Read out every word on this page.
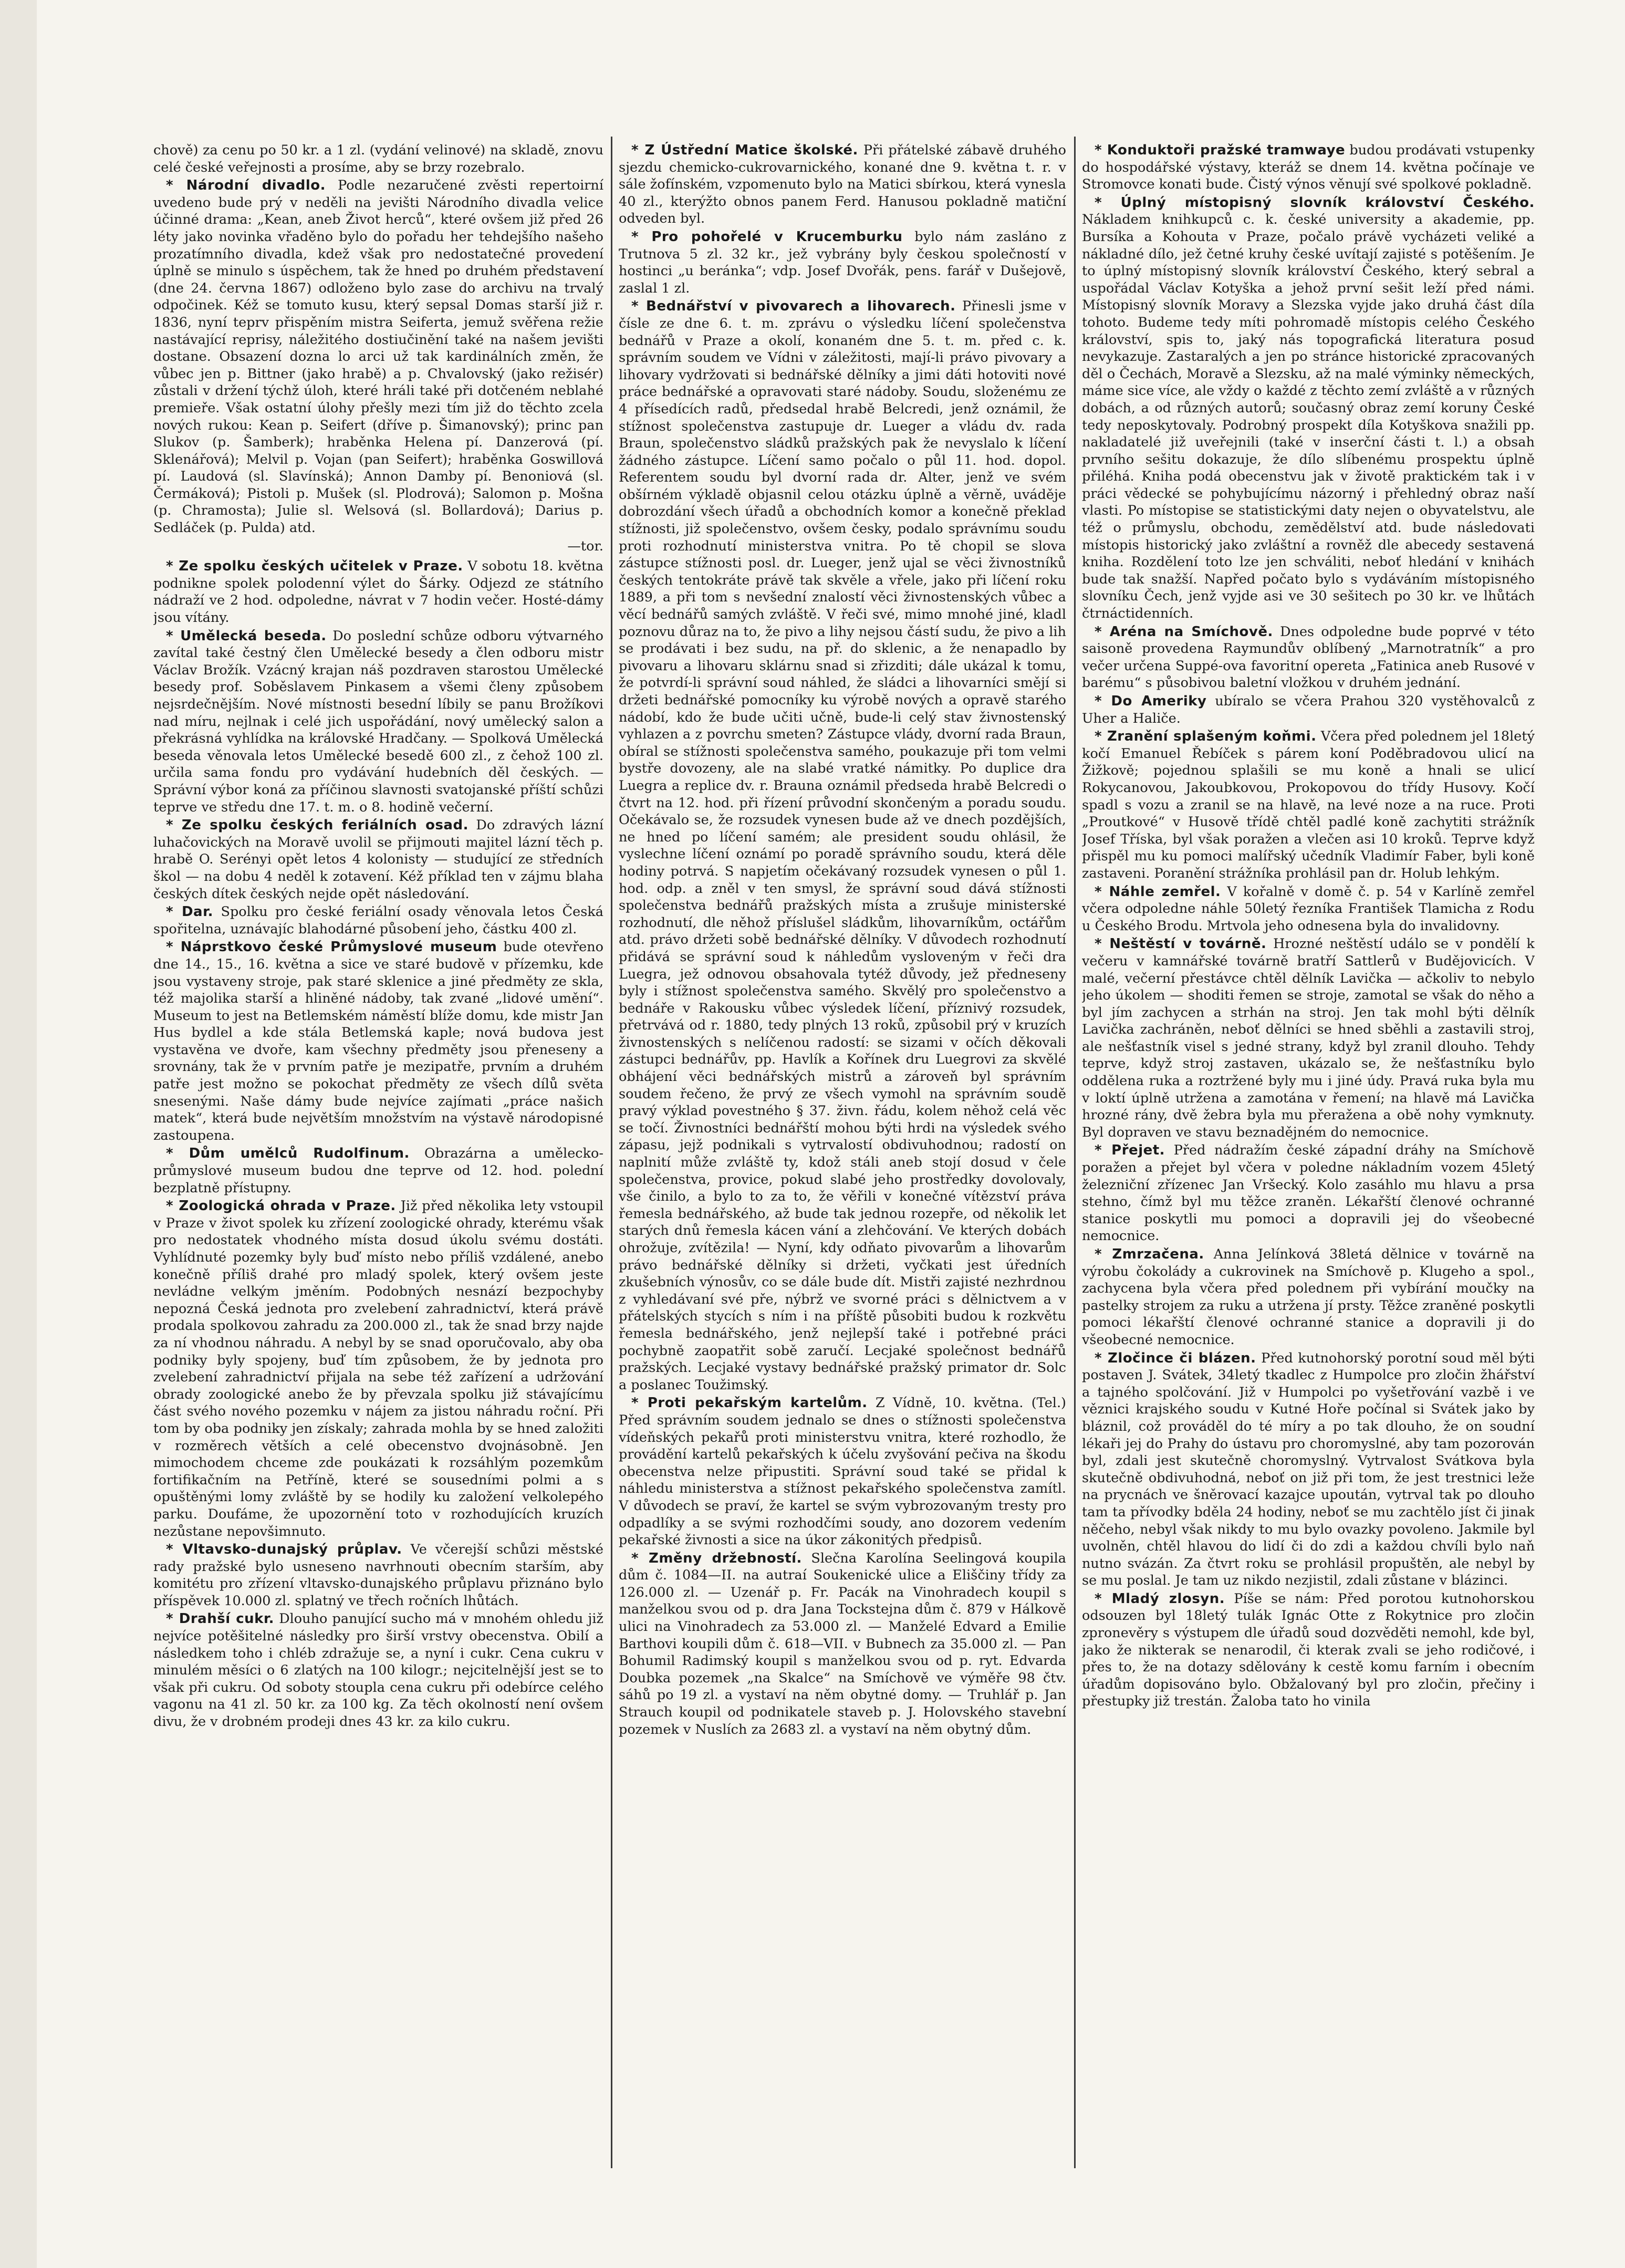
chově) za cenu po 50 kr. a 1 zl. (vydání velinové) na skladě, znovu celé české veřejnosti a prosíme, aby se brzy rozebralo.

* Národní divadlo. Podle nezaručené zvěsti repertoirní uvedeno bude prý v neděli na jevišti Národního divadla velice účinné drama: „Kean, aneb Život herců“, které ovšem již před 26 léty jako novinka vřaděno bylo do pořadu her tehdejšího našeho prozatímního divadla, kdež však pro nedostatečné provedení úplně se minulo s úspěchem, tak že hned po druhém představení (dne 24. června 1867) odloženo bylo zase do archivu na trvalý odpočinek. Kéž se tomuto kusu, který sepsal Domas starší již r. 1836, nyní teprv přispěním mistra Seiferta, jemuž svěřena režie nastávající reprisy, náležitého dostiučinění také na našem jevišti dostane. Obsazení dozna lo arci už tak kardinálních změn, že vůbec jen p. Bittner (jako hrabě) a p. Chvalovský (jako režisér) zůstali v držení týchž úloh, které hráli také při dotčeném neblahé premieře. Však ostatní úlohy přešly mezi tím již do těchto zcela nových rukou: Kean p. Seifert (dříve p. Šimanovský); princ pan Slukov (p. Šamberk); hraběnka Helena pí. Danzerová (pí. Sklenářová); Melvil p. Vojan (pan Seifert); hraběnka Goswillová pí. Laudová (sl. Slavínská); Annon Damby pí. Benoniová (sl. Čermáková); Pistoli p. Mušek (sl. Plodrová); Salomon p. Mošna (p. Chramosta); Julie sl. Welsová (sl. Bollardová); Darius p. Sedláček (p. Pulda) atd.

—tor.

* Ze spolku českých učitelek v Praze. V sobotu 18. května podnikne spolek polodenní výlet do Šárky. Odjezd ze státního nádraží ve 2 hod. odpoledne, návrat v 7 hodin večer. Hosté-dámy jsou vítány.

* Umělecká beseda. Do poslední schůze odboru výtvarného zavítal také čestný člen Umělecké besedy a člen odboru mistr Václav Brožík. Vzácný krajan náš pozdraven starostou Umělecké besedy prof. Soběslavem Pinkasem a všemi členy způsobem nejsrdečnějším. Nové místnosti besední líbily se panu Brožíkovi nad míru, nejlnak i celé jich uspořádání, nový umělecký salon a překrásná vyhlídka na královské Hradčany. — Spolková Umělecká beseda věnovala letos Umělecké besedě 600 zl., z čehož 100 zl. určila sama fondu pro vydávání hudebních děl českých. — Správní výbor koná za příčinou slavnosti svatojanské příští schůzi teprve ve středu dne 17. t. m. o 8. hodině večerní.

* Ze spolku českých feriálních osad. Do zdravých lázní luhačovických na Moravě uvolil se přijmouti majitel lázní těch p. hrabě O. Serényi opět letos 4 kolonisty — studující ze středních škol — na dobu 4 neděl k zotavení. Kéž příklad ten v zájmu blaha českých dítek českých nejde opět následování.

* Dar. Spolku pro české feriální osady věnovala letos Česká spořitelna, uznávajíc blahodárné působení jeho, částku 400 zl.

* Náprstkovo české Průmyslové museum bude otevřeno dne 14., 15., 16. května a sice ve staré budově v přízemku, kde jsou vystaveny stroje, pak staré sklenice a jiné předměty ze skla, též majolika starší a hliněné nádoby, tak zvané „lidové umění“. Museum to jest na Betlemském náměstí blíže domu, kde mistr Jan Hus bydlel a kde stála Betlemská kaple; nová budova jest vystavěna ve dvoře, kam všechny předměty jsou přeneseny a srovnány, tak že v prvním patře je mezipatře, prvním a druhém patře jest možno se pokochat předměty ze všech dílů světa snesenými. Naše dámy bude nejvíce zajímati „práce našich matek“, která bude největším množstvím na výstavě národopisné zastoupena.

* Dům umělců Rudolfinum. Obrazárna a umělecko-průmyslové museum budou dne teprve od 12. hod. polední bezplatně přístupny.

* Zoologická ohrada v Praze. Již před několika lety vstoupil v Praze v život spolek ku zřízení zoologické ohrady, kterému však pro nedostatek vhodného místa dosud úkolu svému dostáti. Vyhlídnuté pozemky byly buď místo nebo příliš vzdálené, anebo konečně příliš drahé pro mladý spolek, který ovšem jeste nevládne velkým jměním. Podobných nesnází bezpochyby nepozná Česká jednota pro zvelebení zahradnictví, která právě prodala spolkovou zahradu za 200.000 zl., tak že snad brzy najde za ní vhodnou náhradu. A nebyl by se snad oporučovalo, aby oba podniky byly spojeny, buď tím způsobem, že by jednota pro zvelebení zahradnictví přijala na sebe též zařízení a udržování obrady zoologické anebo že by převzala spolku již stávajícímu část svého nového pozemku v nájem za jistou náhradu roční. Při tom by oba podniky jen získaly; zahrada mohla by se hned založiti v rozměrech větších a celé obecenstvo dvojnásobně. Jen mimochodem chceme zde poukázati k rozsáhlým pozemkům fortifikačním na Petříně, které se sousedními polmi a s opuštěnými lomy zvláště by se hodily ku založení velkolepého parku. Doufáme, že upozornění toto v rozhodujících kruzích nezůstane nepovšimnuto.

* Vltavsko-dunajský průplav. Ve včerejší schůzi městské rady pražské bylo usneseno navrhnouti obecním starším, aby komitétu pro zřízení vltavsko-dunajského průplavu přiznáno bylo příspěvek 10.000 zl. splatný ve třech ročních lhůtách.

* Drahší cukr. Dlouho panující sucho má v mnohém ohledu již nejvíce potěšitelné následky pro širší vrstvy obecenstva. Obilí a následkem toho i chléb zdražuje se, a nyní i cukr. Cena cukru v minulém měsíci o 6 zlatých na 100 kilogr.; nejcitelnější jest se to však při cukru. Od soboty stoupla cena cukru při odebírce celého vagonu na 41 zl. 50 kr. za 100 kg. Za těch okolností není ovšem divu, že v drobném prodeji dnes 43 kr. za kilo cukru.

* Z Ústřední Matice školské. Při přátelské zábavě druhého sjezdu chemicko-cukrovarnického, konané dne 9. května t. r. v sále žofínském, vzpomenuto bylo na Matici sbírkou, která vynesla 40 zl., kterýžto obnos panem Ferd. Hanusou pokladně matiční odveden byl.

* Pro pohořelé v Krucemburku bylo nám zasláno z Trutnova 5 zl. 32 kr., jež vybrány byly českou společností v hostinci „u beránka“; vdp. Josef Dvořák, pens. farář v Dušejově, zaslal 1 zl.

* Bednářství v pivovarech a lihovarech. Přinesli jsme v čísle ze dne 6. t. m. zprávu o výsledku líčení společenstva bednářů v Praze a okolí, konaném dne 5. t. m. před c. k. správním soudem ve Vídni v záležitosti, mají-li právo pivovary a lihovary vydržovati si bednářské dělníky a jimi dáti hotoviti nové práce bednářské a opravovati staré nádoby. Soudu, složenému ze 4 přísedících radů, předsedal hrabě Belcredi, jenž oznámil, že stížnost společenstva zastupuje dr. Lueger a vládu dv. rada Braun, společenstvo sládků pražských pak že nevyslalo k líčení žádného zástupce. Líčení samo počalo o půl 11. hod. dopol. Referentem soudu byl dvorní rada dr. Alter, jenž ve svém obšírném výkladě objasnil celou otázku úplně a věrně, uváděje dobrozdání všech úřadů a obchodních komor a konečně překlad stížnosti, již společenstvo, ovšem česky, podalo správnímu soudu proti rozhodnutí ministerstva vnitra. Po tě chopil se slova zástupce stížnosti posl. dr. Lueger, jenž ujal se věci živnostníků českých tentokráte právě tak skvěle a vřele, jako při líčení roku 1889, a při tom s nevšední znalostí věci živnostenských vůbec a věcí bednářů samých zvláště. V řeči své, mimo mnohé jiné, kladl poznovu důraz na to, že pivo a lihy nejsou částí sudu, že pivo a lih se prodávati i bez sudu, na př. do sklenic, a že nenapadlo by pivovaru a lihovaru sklárnu snad si zřizditi; dále ukázal k tomu, že potvrdí-li správní soud náhled, že sládci a lihovarníci smějí si držeti bednářské pomocníky ku výrobě nových a opravě starého nádobí, kdo že bude učiti učně, bude-li celý stav živnostenský vyhlazen a z povrchu smeten? Zástupce vlády, dvorní rada Braun, obíral se stížnosti společenstva samého, poukazuje při tom velmi bystře dovozeny, ale na slabé vratké námitky. Po duplice dra Luegra a replice dv. r. Brauna oznámil předseda hrabě Belcredi o čtvrt na 12. hod. při řízení průvodní skončeným a poradu soudu. Očekávalo se, že rozsudek vynesen bude až ve dnech pozdějších, ne hned po líčení samém; ale president soudu ohlásil, že vyslechne líčení oznámí po poradě správního soudu, která děle hodiny potrvá. S napjetím očekávaný rozsudek vynesen o půl 1. hod. odp. a zněl v ten smysl, že správní soud dává stížnosti společenstva bednářů pražských místa a zrušuje ministerské rozhodnutí, dle něhož příslušel sládkům, lihovarníkům, octářům atd. právo držeti sobě bednářské dělníky. V důvodech rozhodnutí přidává se správní soud k náhledům vysloveným v řeči dra Luegra, jež odnovou obsahovala tytéž důvody, jež předneseny byly i stížnost společenstva samého. Skvělý pro společenstvo a bednáře v Rakousku vůbec výsledek líčení, příznivý rozsudek, přetrvává od r. 1880, tedy plných 13 roků, způsobil prý v kruzích živnostenských s nelíčenou radostí: se sizami v očích děkovali zástupci bednářův, pp. Havlík a Kořínek dru Luegrovi za skvělé obhájení věci bednářských mistrů a zároveň byl správním soudem řečeno, že prvý ze všech vymohl na správním soudě pravý výklad povestného § 37. živn. řádu, kolem něhož celá věc se točí. Živnostníci bednářští mohou býti hrdi na výsledek svého zápasu, jejž podnikali s vytrvalostí obdivuhodnou; radostí on naplnití může zvláště ty, kdož stáli aneb stojí dosud v čele společenstva, provice, pokud slabé jeho prostředky dovolovaly, vše činilo, a bylo to za to, že věřili v konečné vítězství práva řemesla bednářského, až bude tak jednou rozepře, od několik let starých dnů řemesla kácen vání a zlehčování. Ve kterých dobách ohrožuje, zvítězila! — Nyní, kdy odňato pivovarům a lihovarům právo bednářské dělníky si držeti, vyčkati jest úředních zkušebních výnosův, co se dále bude dít. Mistři zajisté nezhrdnou z vyhledávaní své pře, nýbrž ve svorné práci s dělnictvem a v přátelských stycích s ním i na příště působiti budou k rozkvětu řemesla bednářského, jenž nejlepší také i potřebné práci pochybně zaopatřit sobě zaručí. Lecjaké společnost bednářů pražských. Lecjaké vystavy bednářské pražský primator dr. Solc a poslanec Toužimský.

* Proti pekařským kartelům. Z Vídně, 10. května. (Tel.) Před správním soudem jednalo se dnes o stížnosti společenstva vídeňských pekařů proti ministerstvu vnitra, které rozhodlo, že provádění kartelů pekařských k účelu zvyšování pečiva na škodu obecenstva nelze připustiti. Správní soud také se přidal k náhledu ministerstva a stížnost pekařského společenstva zamítl. V důvodech se praví, že kartel se svým vybrozovaným tresty pro odpadlíky a se svými rozhodčími soudy, ano dozorem vedením pekařské živnosti a sice na úkor zákonitých předpisů.

* Změny držebností. Slečna Karolína Seelingová koupila dům č. 1084—II. na autraí Soukenické ulice a Eliščiny třídy za 126.000 zl. — Uzenář p. Fr. Pacák na Vinohradech koupil s manželkou svou od p. dra Jana Tockstejna dům č. 879 v Hálkově ulici na Vinohradech za 53.000 zl. — Manželé Edvard a Emilie Barthovi koupili dům č. 618—VII. v Bubnech za 35.000 zl. — Pan Bohumil Radimský koupil s manželkou svou od p. ryt. Edvarda Doubka pozemek „na Skalce“ na Smíchově ve výměře 98 čtv. sáhů po 19 zl. a vystaví na něm obytné domy. — Truhlář p. Jan Strauch koupil od podnikatele staveb p. J. Holovského stavební pozemek v Nuslích za 2683 zl. a vystaví na něm obytný dům.

* Konduktoři pražské tramwaye budou prodávati vstupenky do hospodářské výstavy, kteráž se dnem 14. května počínaje ve Stromovce konati bude. Čistý výnos věnují své spolkové pokladně.

* Úplný místopisný slovník království Českého. Nákladem knihkupců c. k. české university a akademie, pp. Bursíka a Kohouta v Praze, počalo právě vycházeti veliké a nákladné dílo, jež četné kruhy české uvítají zajisté s potěšením. Je to úplný místopisný slovník království Českého, který sebral a uspořádal Václav Kotyška a jehož první sešit leží před námi. Místopisný slovník Moravy a Slezska vyjde jako druhá část díla tohoto. Budeme tedy míti pohromadě místopis celého Českého království, spis to, jaký nás topografická literatura posud nevykazuje. Zastaralých a jen po stránce historické zpracovaných děl o Čechách, Moravě a Slezsku, až na malé výminky německých, máme sice více, ale vždy o každé z těchto zemí zvláště a v různých dobách, a od různých autorů; současný obraz zemí koruny České tedy neposkytovaly. Podrobný prospekt díla Kotyškova snažili pp. nakladatelé již uveřejnili (také v inserční části t. l.) a obsah prvního sešitu dokazuje, že dílo slíbenému prospektu úplně přiléhá. Kniha podá obecenstvu jak v životě praktickém tak i v práci vědecké se pohybujícímu názorný i přehledný obraz naší vlasti. Po místopise se statistickými daty nejen o obyvatelstvu, ale též o průmyslu, obchodu, zemědělství atd. bude následovati místopis historický jako zvláštní a rovněž dle abecedy sestavená kniha. Rozdělení toto lze jen schváliti, neboť hledání v knihách bude tak snažší. Napřed počato bylo s vydáváním místopisného slovníku Čech, jenž vyjde asi ve 30 sešitech po 30 kr. ve lhůtách čtrnáctidenních.

* Aréna na Smíchově. Dnes odpoledne bude poprvé v této saisoně provedena Raymundův oblíbený „Marnotratník“ a pro večer určena Suppé-ova favoritní opereta „Fatinica aneb Rusové v barému“ s působivou baletní vložkou v druhém jednání.

* Do Ameriky ubíralo se včera Prahou 320 vystěhovalců z Uher a Haliče.

* Zranění splašeným koňmi. Včera před polednem jel 18letý kočí Emanuel Řebíček s párem koní Poděbradovou ulicí na Žižkově; pojednou splašili se mu koně a hnali se ulicí Rokycanovou, Jakoubkovou, Prokopovou do třídy Husovy. Kočí spadl s vozu a zranil se na hlavě, na levé noze a na ruce. Proti „Proutkové“ v Husově třídě chtěl padlé koně zachytiti strážník Josef Tříska, byl však poražen a vlečen asi 10 kroků. Teprve když přispěl mu ku pomoci malířský učedník Vladimír Faber, byli koně zastaveni. Poranění strážníka prohlásil pan dr. Holub lehkým.

* Náhle zemřel. V kořalně v domě č. p. 54 v Karlíně zemřel včera odpoledne náhle 50letý řezníka František Tlamicha z Rodu u Českého Brodu. Mrtvola jeho odnesena byla do invalidovny.

* Neštěstí v továrně. Hrozné neštěstí událo se v pondělí k večeru v kamnářské továrně bratří Sattlerů v Budějovicích. V malé, večerní přestávce chtěl dělník Lavička — ačkoliv to nebylo jeho úkolem — shoditi řemen se stroje, zamotal se však do něho a byl jím zachycen a strhán na stroj. Jen tak mohl býti dělník Lavička zachráněn, neboť dělníci se hned sběhli a zastavili stroj, ale nešťastník visel s jedné strany, když byl zranil dlouho. Tehdy teprve, když stroj zastaven, ukázalo se, že nešťastníku bylo oddělena ruka a roztržené byly mu i jiné údy. Pravá ruka byla mu v loktí úplně utržena a zamotána v řemení; na hlavě má Lavička hrozné rány, dvě žebra byla mu přeražena a obě nohy vymknuty. Byl dopraven ve stavu beznadějném do nemocnice.

* Přejet. Před nádražím české západní dráhy na Smíchově poražen a přejet byl včera v poledne nákladním vozem 45letý železniční zřízenec Jan Vršecký. Kolo zasáhlo mu hlavu a prsa stehno, čímž byl mu těžce zraněn. Lékařští členové ochranné stanice poskytli mu pomoci a dopravili jej do všeobecné nemocnice.

* Zmrzačena. Anna Jelínková 38letá dělnice v továrně na výrobu čokolády a cukrovinek na Smíchově p. Klugeho a spol., zachycena byla včera před polednem při vybírání moučky na pastelky strojem za ruku a utržena jí prsty. Těžce zraněné poskytli pomoci lékařští členové ochranné stanice a dopravili ji do všeobecné nemocnice.

* Zločince či blázen. Před kutnohorský porotní soud měl býti postaven J. Svátek, 34letý tkadlec z Humpolce pro zločin žhářství a tajného spolčování. Již v Humpolci po vyšetřování vazbě i ve věznici krajského soudu v Kutné Hoře počínal si Svátek jako by bláznil, což prováděl do té míry a po tak dlouho, že on soudní lékaři jej do Prahy do ústavu pro choromyslné, aby tam pozorován byl, zdali jest skutečně choromyslný. Vytrvalost Svátkova byla skutečně obdivuhodná, neboť on již při tom, že jest trestnici leže na prycnách ve šněrovací kazajce upoután, vytrval tak po dlouho tam ta přívodky bděla 24 hodiny, neboť se mu zachtělo jíst či jinak něčeho, nebyl však nikdy to mu bylo ovazky povoleno. Jakmile byl uvolněn, chtěl hlavou do lidí či do zdi a každou chvíli bylo naň nutno svázán. Za čtvrt roku se prohlásil propuštěn, ale nebyl by se mu poslal. Je tam uz nikdo nezjistil, zdali zůstane v blázinci.

* Mladý zlosyn. Píše se nám: Před porotou kutnohorskou odsouzen byl 18letý tulák Ignác Otte z Rokytnice pro zločin zpronevěry s výstupem dle úřadů soud dozvěděti nemohl, kde byl, jako že nikterak se nenarodil, či kterak zvali se jeho rodičové, i přes to, že na dotazy sdělovány k cestě komu farním i obecním úřadům dopisováno bylo. Obžalovaný byl pro zločin, přečiny i přestupky již trestán. Žaloba tato ho vinila
